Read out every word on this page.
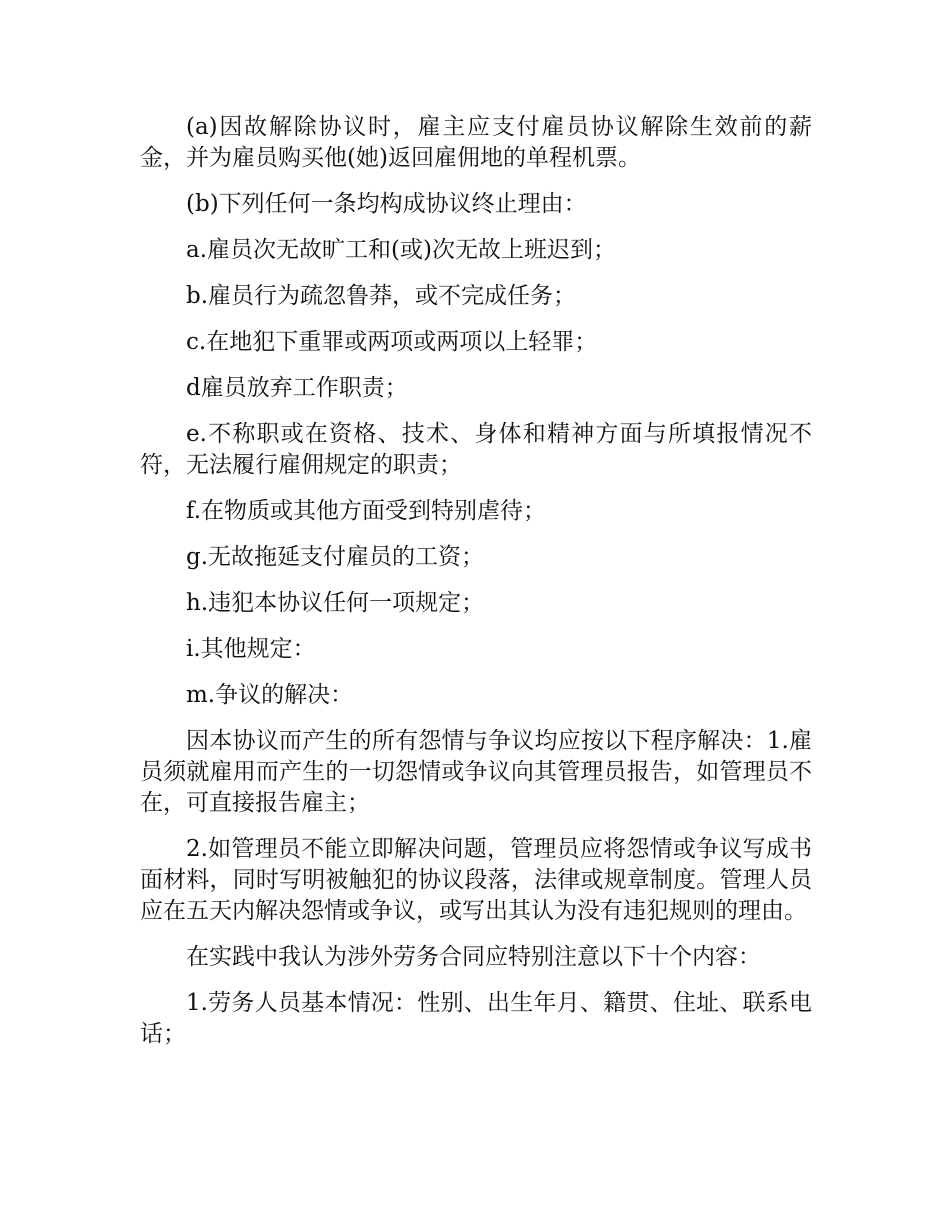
(a)因故解除协议时，雇主应支付雇员协议解除生效前的薪金，并为雇员购买他(她)返回雇佣地的单程机票。

(b)下列任何一条均构成协议终止理由：

a.雇员次无故旷工和(或)次无故上班迟到；

b.雇员行为疏忽鲁莽，或不完成任务；

c.在地犯下重罪或两项或两项以上轻罪；

d雇员放弃工作职责；

e.不称职或在资格、技术、身体和精神方面与所填报情况不符，无法履行雇佣规定的职责；

f.在物质或其他方面受到特别虐待；

g.无故拖延支付雇员的工资；

h.违犯本协议任何一项规定；

i.其他规定：

m.争议的解决：

因本协议而产生的所有怨情与争议均应按以下程序解决：1.雇员须就雇用而产生的一切怨情或争议向其管理员报告，如管理员不在，可直接报告雇主；

2.如管理员不能立即解决问题，管理员应将怨情或争议写成书面材料，同时写明被触犯的协议段落，法律或规章制度。管理人员应在五天内解决怨情或争议，或写出其认为没有违犯规则的理由。

在实践中我认为涉外劳务合同应特别注意以下十个内容：

1.劳务人员基本情况：性别、出生年月、籍贯、住址、联系电话；
